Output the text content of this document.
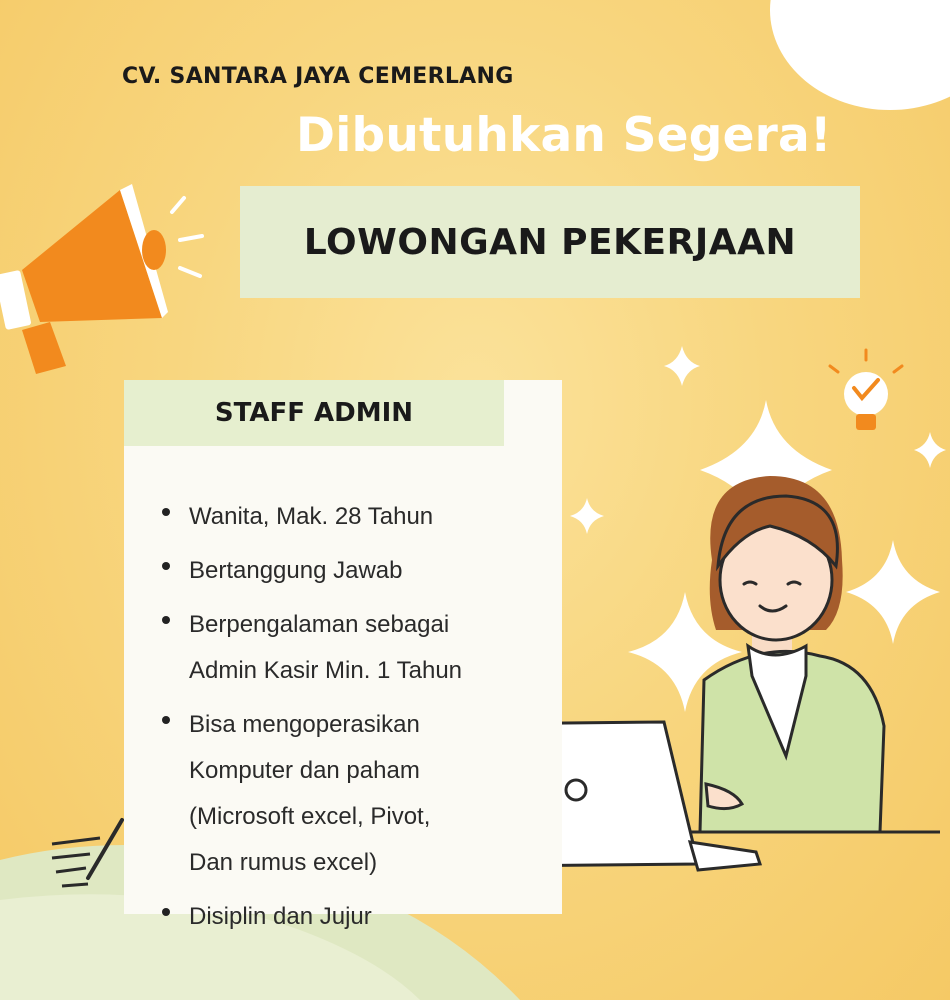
CV. SANTARA JAYA CEMERLANG
Dibutuhkan Segera!
LOWONGAN PEKERJAAN
STAFF ADMIN
Wanita, Mak. 28 Tahun
Bertanggung Jawab
Berpengalaman sebagai
Admin Kasir Min. 1 Tahun
Bisa mengoperasikan
Komputer dan paham
(Microsoft excel, Pivot,
Dan rumus excel)
Disiplin dan Jujur
